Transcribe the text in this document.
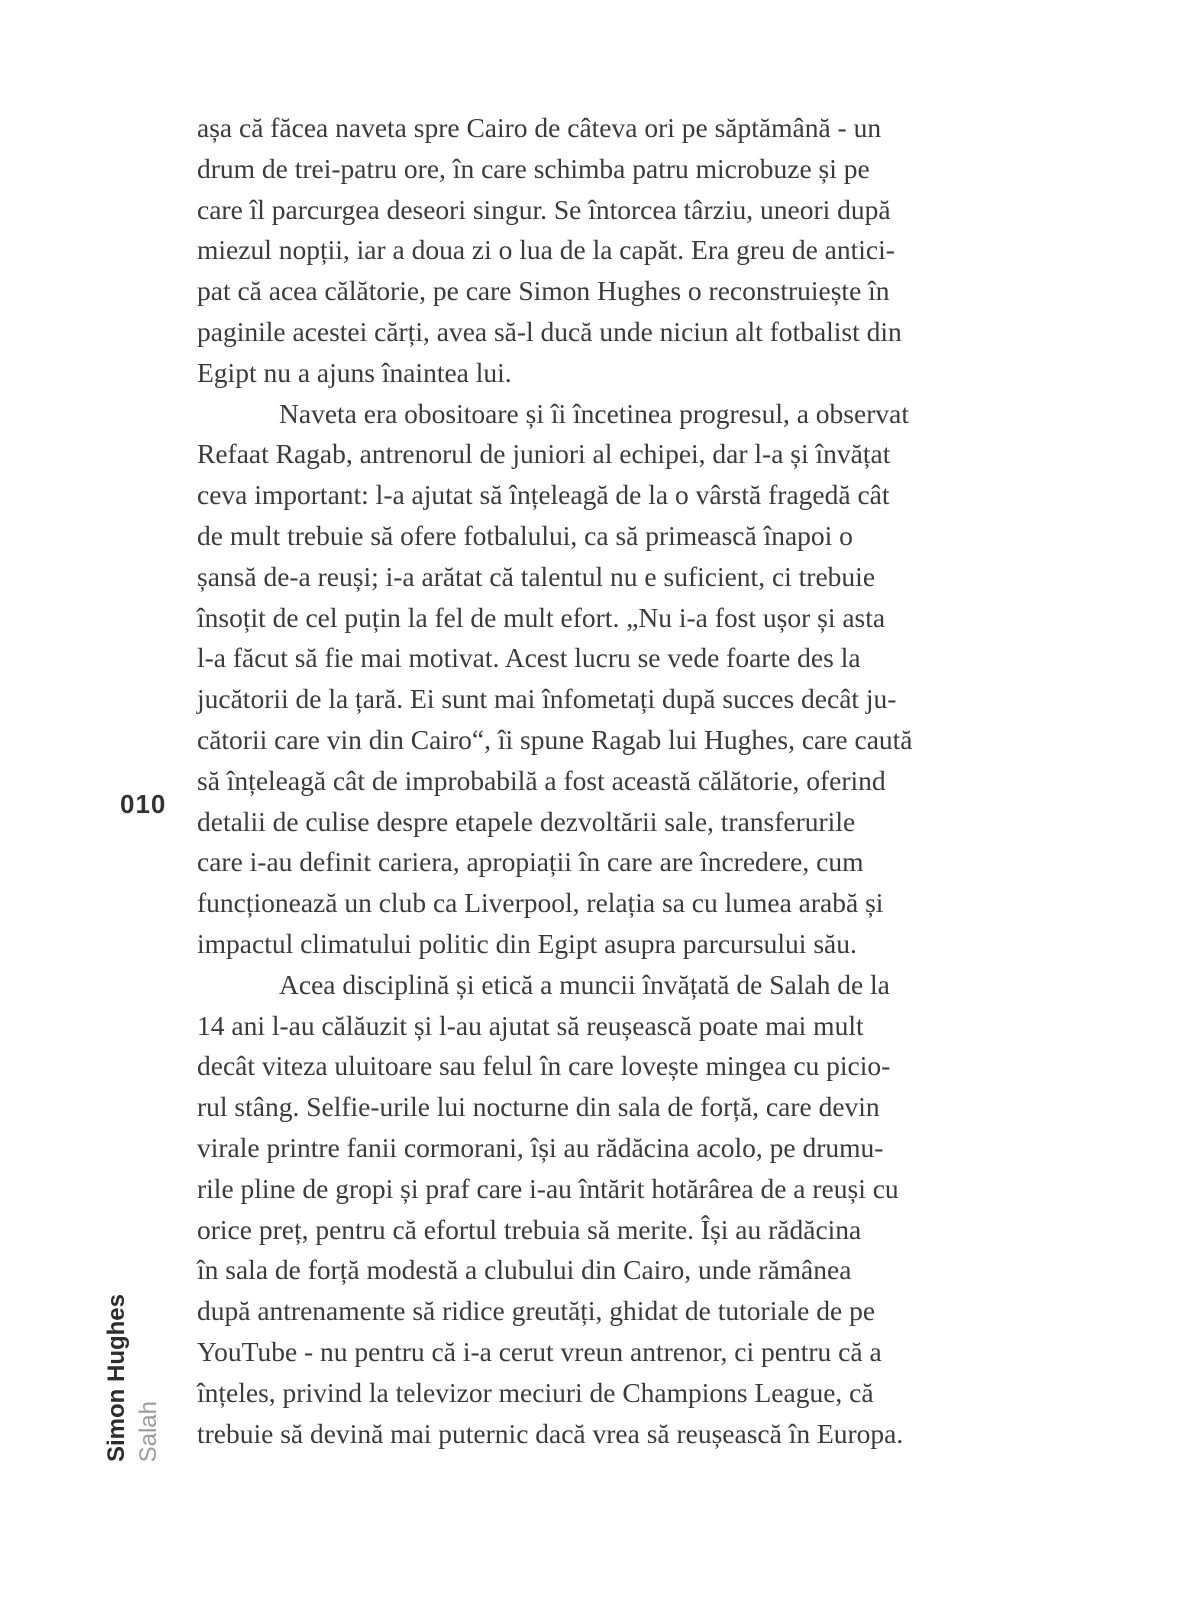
010
Simon Hughes Salah

așa că făcea naveta spre Cairo de câteva ori pe săptămână - un
drum de trei-patru ore, în care schimba patru microbuze și pe
care îl parcurgea deseori singur. Se întorcea târziu, uneori după
miezul nopții, iar a doua zi o lua de la capăt. Era greu de antici-
pat că acea călătorie, pe care Simon Hughes o reconstruiește în
paginile acestei cărți, avea să-l ducă unde niciun alt fotbalist din
Egipt nu a ajuns înaintea lui.

Naveta era obositoare și îi încetinea progresul, a observat
Refaat Ragab, antrenorul de juniori al echipei, dar l-a și învățat
ceva important: l-a ajutat să înțeleagă de la o vârstă fragedă cât
de mult trebuie să ofere fotbalului, ca să primească înapoi o
șansă de-a reuși; i-a arătat că talentul nu e suficient, ci trebuie
însoțit de cel puțin la fel de mult efort. „Nu i-a fost ușor și asta
l-a făcut să fie mai motivat. Acest lucru se vede foarte des la
jucătorii de la țară. Ei sunt mai înfometați după succes decât ju-
cătorii care vin din Cairo“, îi spune Ragab lui Hughes, care caută
să înțeleagă cât de improbabilă a fost această călătorie, oferind
detalii de culise despre etapele dezvoltării sale, transferurile
care i-au definit cariera, apropiații în care are încredere, cum
funcționează un club ca Liverpool, relația sa cu lumea arabă și
impactul climatului politic din Egipt asupra parcursului său.

Acea disciplină și etică a muncii învățată de Salah de la
14 ani l-au călăuzit și l-au ajutat să reușească poate mai mult
decât viteza uluitoare sau felul în care lovește mingea cu picio-
rul stâng. Selfie-urile lui nocturne din sala de forță, care devin
virale printre fanii cormorani, își au rădăcina acolo, pe drumu-
rile pline de gropi și praf care i-au întărit hotărârea de a reuși cu
orice preț, pentru că efortul trebuia să merite. Își au rădăcina
în sala de forță modestă a clubului din Cairo, unde rămânea
după antrenamente să ridice greutăți, ghidat de tutoriale de pe
YouTube - nu pentru că i-a cerut vreun antrenor, ci pentru că a
înțeles, privind la televizor meciuri de Champions League, că
trebuie să devină mai puternic dacă vrea să reușească în Europa.
